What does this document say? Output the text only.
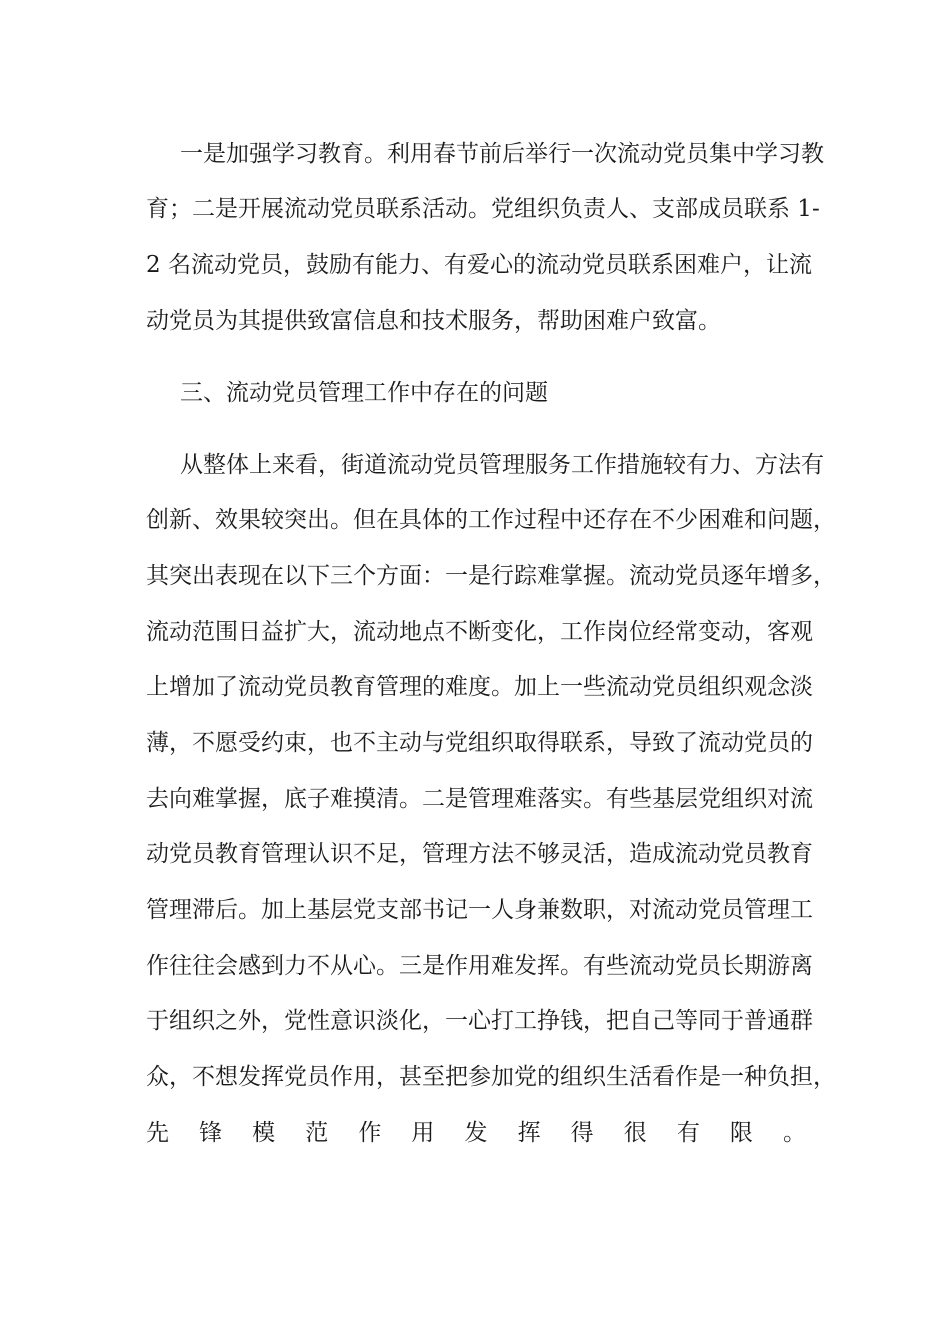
一是加强学习教育。利用春节前后举行一次流动党员集中学习教
育；二是开展流动党员联系活动。党组织负责人、支部成员联系 1-
2 名流动党员，鼓励有能力、有爱心的流动党员联系困难户，让流
动党员为其提供致富信息和技术服务，帮助困难户致富。
三、流动党员管理工作中存在的问题
从整体上来看，街道流动党员管理服务工作措施较有力、方法有
创新、效果较突出。但在具体的工作过程中还存在不少困难和问题，
其突出表现在以下三个方面：一是行踪难掌握。流动党员逐年增多，
流动范围日益扩大，流动地点不断变化，工作岗位经常变动，客观
上增加了流动党员教育管理的难度。加上一些流动党员组织观念淡
薄，不愿受约束，也不主动与党组织取得联系，导致了流动党员的
去向难掌握，底子难摸清。二是管理难落实。有些基层党组织对流
动党员教育管理认识不足，管理方法不够灵活，造成流动党员教育
管理滞后。加上基层党支部书记一人身兼数职，对流动党员管理工
作往往会感到力不从心。三是作用难发挥。有些流动党员长期游离
于组织之外，党性意识淡化，一心打工挣钱，把自己等同于普通群
众，不想发挥党员作用，甚至把参加党的组织生活看作是一种负担，
先锋模范作用发挥得很有限。
